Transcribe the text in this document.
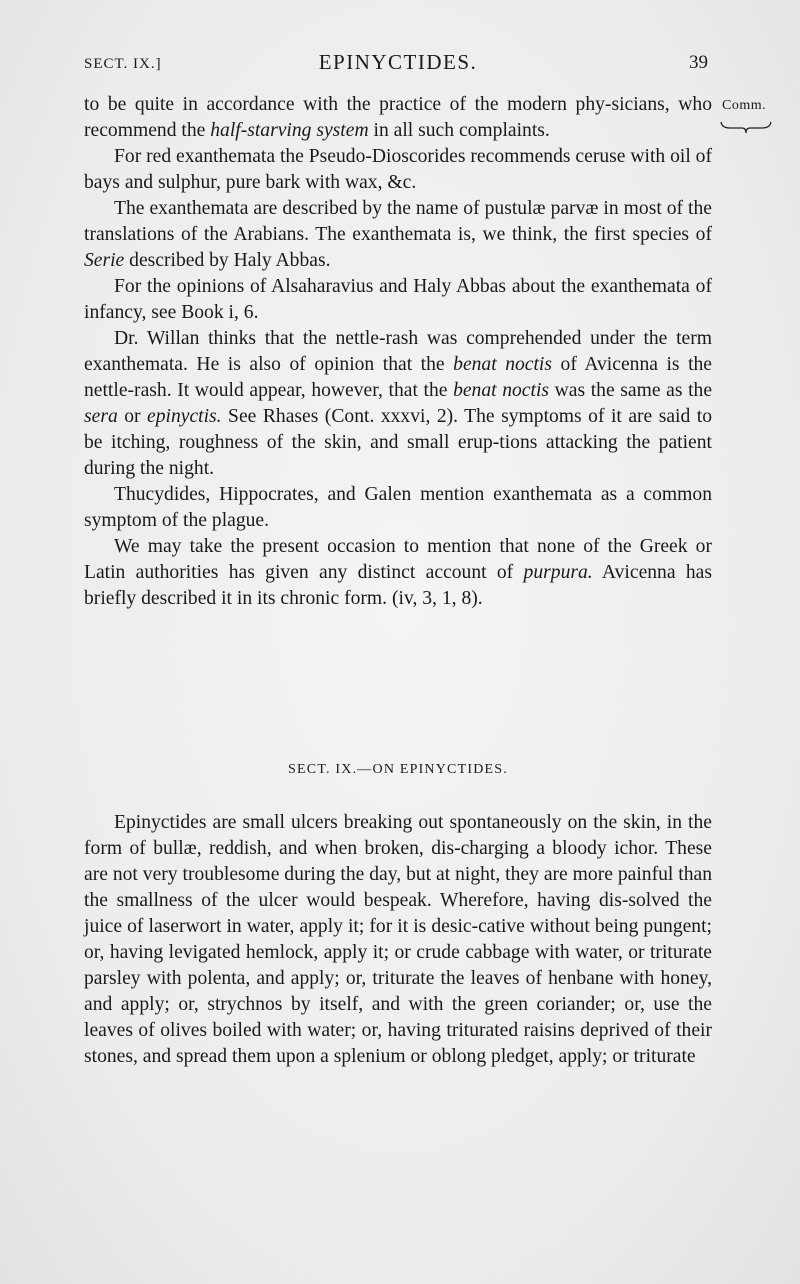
SECT. IX.]	EPINYCTIDES.	39
Comm.

to be quite in accordance with the practice of the modern phy-sicians, who recommend the half-starving system in all such complaints.

For red exanthemata the Pseudo-Dioscorides recommends ceruse with oil of bays and sulphur, pure bark with wax, &c.

The exanthemata are described by the name of pustulæ parvæ in most of the translations of the Arabians. The exanthemata is, we think, the first species of Serie described by Haly Abbas.

For the opinions of Alsaharavius and Haly Abbas about the exanthemata of infancy, see Book i, 6.

Dr. Willan thinks that the nettle-rash was comprehended under the term exanthemata. He is also of opinion that the benat noctis of Avicenna is the nettle-rash. It would appear, however, that the benat noctis was the same as the sera or epinyctis. See Rhases (Cont. xxxvi, 2). The symptoms of it are said to be itching, roughness of the skin, and small erup-tions attacking the patient during the night.

Thucydides, Hippocrates, and Galen mention exanthemata as a common symptom of the plague.

We may take the present occasion to mention that none of the Greek or Latin authorities has given any distinct account of purpura. Avicenna has briefly described it in its chronic form. (iv, 3, 1, 8).

SECT. IX.—ON EPINYCTIDES.

Epinyctides are small ulcers breaking out spontaneously on the skin, in the form of bullæ, reddish, and when broken, dis-charging a bloody ichor. These are not very troublesome during the day, but at night, they are more painful than the smallness of the ulcer would bespeak. Wherefore, having dis-solved the juice of laserwort in water, apply it; for it is desic-cative without being pungent; or, having levigated hemlock, apply it; or crude cabbage with water, or triturate parsley with polenta, and apply; or, triturate the leaves of henbane with honey, and apply; or, strychnos by itself, and with the green coriander; or, use the leaves of olives boiled with water; or, having triturated raisins deprived of their stones, and spread them upon a splenium or oblong pledget, apply; or triturate
